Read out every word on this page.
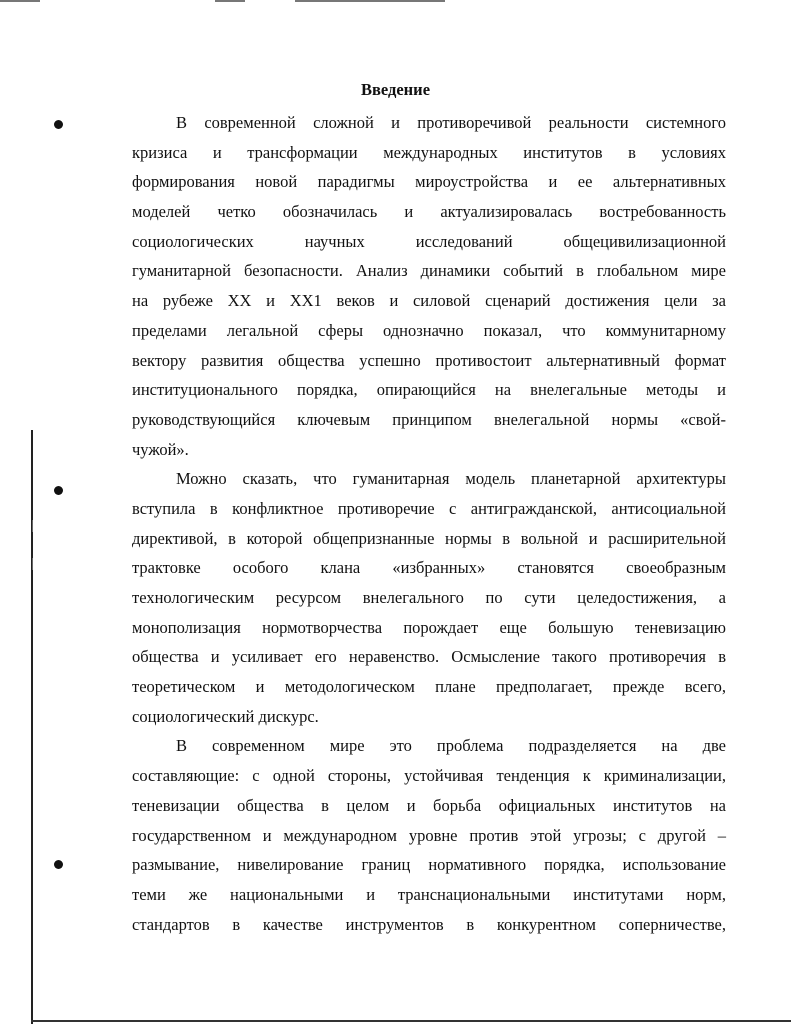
Введение
В современной сложной и противоречивой реальности системного
кризиса и трансформации международных институтов в условиях
формирования новой парадигмы мироустройства и ее альтернативных
моделей четко обозначилась и актуализировалась востребованность
социологических научных исследований общецивилизационной
гуманитарной безопасности. Анализ динамики событий в глобальном мире
на рубеже XX и XX1 веков и силовой сценарий достижения цели за
пределами легальной сферы однозначно показал, что коммунитарному
вектору развития общества успешно противостоит альтернативный формат
институционального порядка, опирающийся на внелегальные методы и
руководствующийся ключевым принципом внелегальной нормы «свой-
чужой».
Можно сказать, что гуманитарная модель планетарной архитектуры
вступила в конфликтное противоречие с антигражданской, антисоциальной
директивой, в которой общепризнанные нормы в вольной и расширительной
трактовке особого клана «избранных» становятся своеобразным
технологическим ресурсом внелегального по сути целедостижения, а
монополизация нормотворчества порождает еще большую теневизацию
общества и усиливает его неравенство. Осмысление такого противоречия в
теоретическом и методологическом плане предполагает, прежде всего,
социологический дискурс.
В современном мире это проблема подразделяется на две
составляющие: с одной стороны, устойчивая тенденция к криминализации,
теневизации общества в целом и борьба официальных институтов на
государственном и международном уровне против этой угрозы; с другой –
размывание, нивелирование границ нормативного порядка, использование
теми же национальными и транснациональными институтами норм,
стандартов в качестве инструментов в конкурентном соперничестве,
